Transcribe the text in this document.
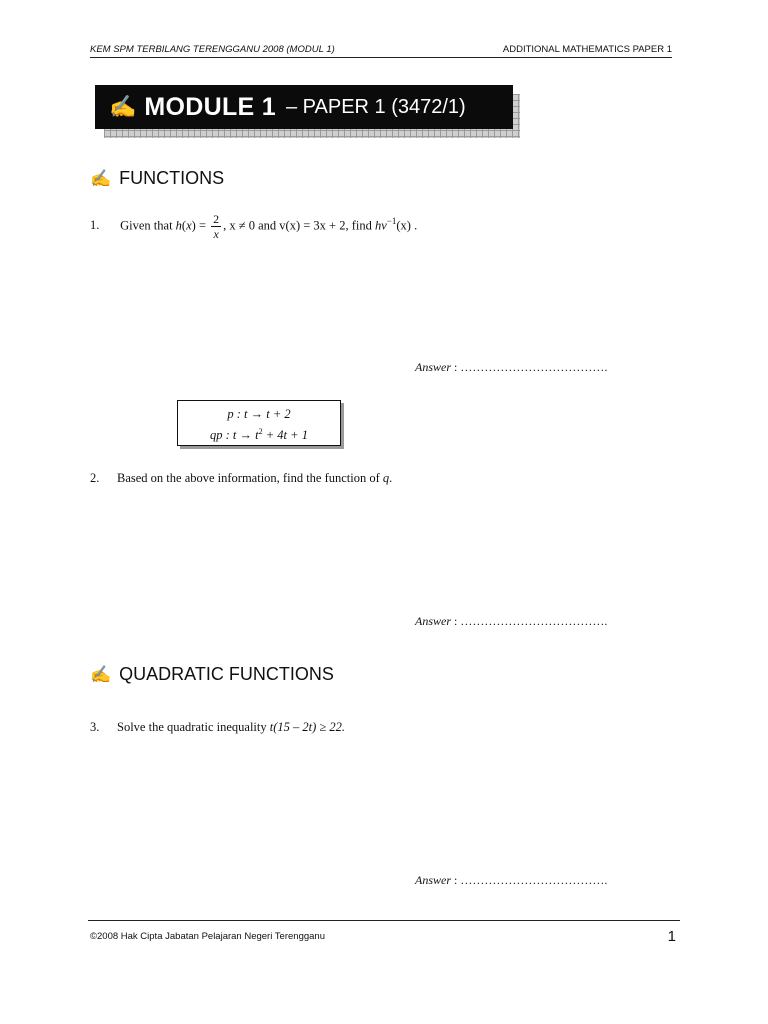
KEM SPM TERBILANG TERENGGANU 2008 (MODUL 1)	ADDITIONAL MATHEMATICS PAPER 1
✍ MODULE 1 – PAPER 1 (3472/1)
✍ FUNCTIONS
1. Given that $h(x) = \frac{2}{x}$ , x ≠ 0 and v(x) = 3x + 2, find $hv^{-1}(x)$ .
Answer : ……………………………….
p : t → t + 2
qp : $t \to t^2 + 4t + 1$
2. Based on the above information, find the function of q.
Answer : ……………………………….
✍ QUADRATIC FUNCTIONS
3. Solve the quadratic inequality t(15 – 2t) ≥ 22.
Answer : ……………………………….
©2008 Hak Cipta Jabatan Pelajaran Negeri Terengganu	1
